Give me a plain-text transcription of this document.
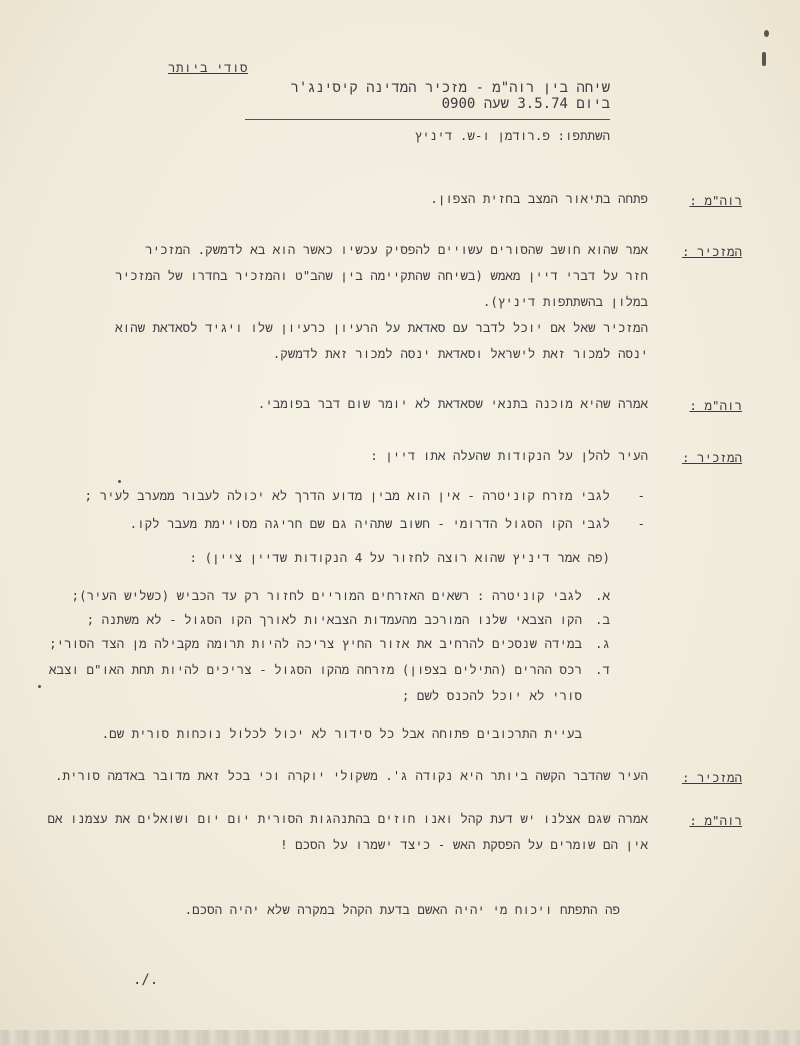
סודי ביותר
שיחה בין רוה"מ - מזכיר המדינה קיסינג'ר
ביום 3.5.74 שעה 0900
השתתפו: פ.רודמן ו-ש. דיניץ
רוה"מ :
פתחה בתיאור המצב בחזית הצפון.
המזכיר :
אמר שהוא חושב שהסורים עשויים להפסיק עכשיו כאשר הוא בא לדמשק. המזכיר
חזר על דברי דיין מאמש (בשיחה שהתקיימה בין שהב"ט והמזכיר בחדרו של המזכיר
במלון בהשתתפות דיניץ).
המזכיר שאל אם יוכל לדבר עם סאדאת על הרעיון כרעיון שלו ויגיד לסאדאת שהוא
ינסה למכור זאת לישראל וסאדאת ינסה למכור זאת לדמשק.
רוה"מ :
אמרה שהיא מוכנה בתנאי שסאדאת לא יומר שום דבר בפומבי.
המזכיר :
העיר להלן על הנקודות שהעלה אתו דיין :
-
לגבי מזרח קוניטרה - אין הוא מבין מדוע הדרך לא יכולה לעבור ממערב לעיר ;
-
לגבי הקו הסגול הדרומי - חשוב שתהיה גם שם חריגה מסויימת מעבר לקו.
(פה אמר דיניץ שהוא רוצה לחזור על 4 הנקודות שדיין ציין) :
א.
לגבי קוניטרה : רשאים האזרחים המוריים לחזור רק עד הכביש (כשליש העיר);
ב.
הקו הצבאי שלנו המורכב מהעמדות הצבאיות לאורך הקו הסגול - לא משתנה ;
ג.
במידה שנסכים להרחיב את אזור החיץ צריכה להיות תרומה מקבילה מן הצד הסורי;
ד.
רכס ההרים (התילים בצפון) מזרחה מהקו הסגול - צריכים להיות תחת האו"ם וצבא
סורי לא יוכל להכנס לשם ;
בעיית התרכובים פתוחה אבל כל סידור לא יכול לכלול נוכחות סורית שם.
המזכיר :
העיר שהדבר הקשה ביותר היא נקודה ג'. משקולי יוקרה וכי בכל זאת מדובר באדמה סורית.
רוה"מ :
אמרה שגם אצלנו יש דעת קהל ואנו חוזים בהתנהגות הסורית יום יום ושואלים את עצמנו אם
אין הם שומרים על הפסקת האש - כיצד ישמרו על הסכם !
פה התפתח ויכוח מי יהיה האשם בדעת הקהל במקרה שלא יהיה הסכם.
./.
